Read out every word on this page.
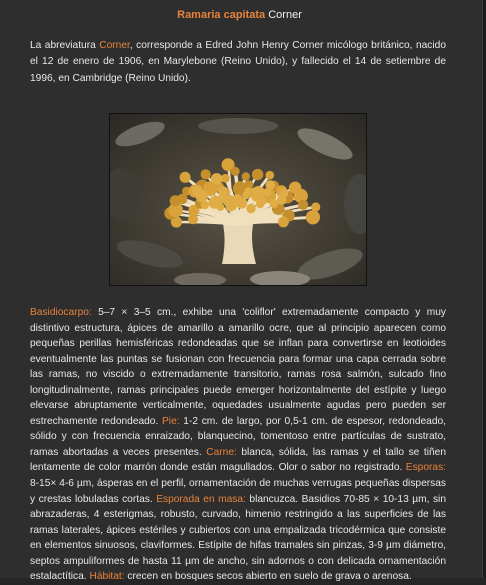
Ramaria capitata Corner

La abreviatura Corner, corresponde a Edred John Henry Corner micólogo británico, nacido el 12 de enero de 1906, en Marylebone (Reino Unido), y fallecido el 14 de setiembre de 1996, en Cambridge (Reino Unido).

Basidiocarpo: 5–7 × 3–5 cm., exhibe una 'coliflor' extremadamente compacto y muy distintivo estructura, ápices de amarillo a amarillo ocre, que al principio aparecen como pequeñas perillas hemisféricas redondeadas que se inflan para convertirse en leotioides eventualmente las puntas se fusionan con frecuencia para formar una capa cerrada sobre las ramas, no viscido o extremadamente transitorio, ramas rosa salmón, sulcado fino longitudinalmente, ramas principales puede emerger horizontalmente del estípite y luego elevarse abruptamente verticalmente, oquedades usualmente agudas pero pueden ser estrechamente redondeado. Pie: 1-2 cm. de largo, por 0,5-1 cm. de espesor, redondeado, sólido y con frecuencia enraizado, blanquecino, tomentoso entre partículas de sustrato, ramas abortadas a veces presentes. Carne: blanca, sólida, las ramas y el tallo se tiñen lentamente de color marrón donde están magullados. Olor o sabor no registrado. Esporas: 8-15× 4-6 µm, ásperas en el perfil, ornamentación de muchas verrugas pequeñas dispersas y crestas lobuladas cortas. Esporada en masa: blancuzca. Basidios 70-85 × 10-13 µm, sin abrazaderas, 4 esterigmas, robusto, curvado, himenio restringido a las superficies de las ramas laterales, ápices estériles y cubiertos con una empalizada tricodérmica que consiste en elementos sinuosos, claviformes. Estípite de hifas tramales sin pinzas, 3-9 µm diámetro, septos ampuliformes de hasta 11 µm de ancho, sin adornos o con delicada ornamentación estalactítica. Hábitat: crecen en bosques secos abierto en suelo de grava o arenosa.
